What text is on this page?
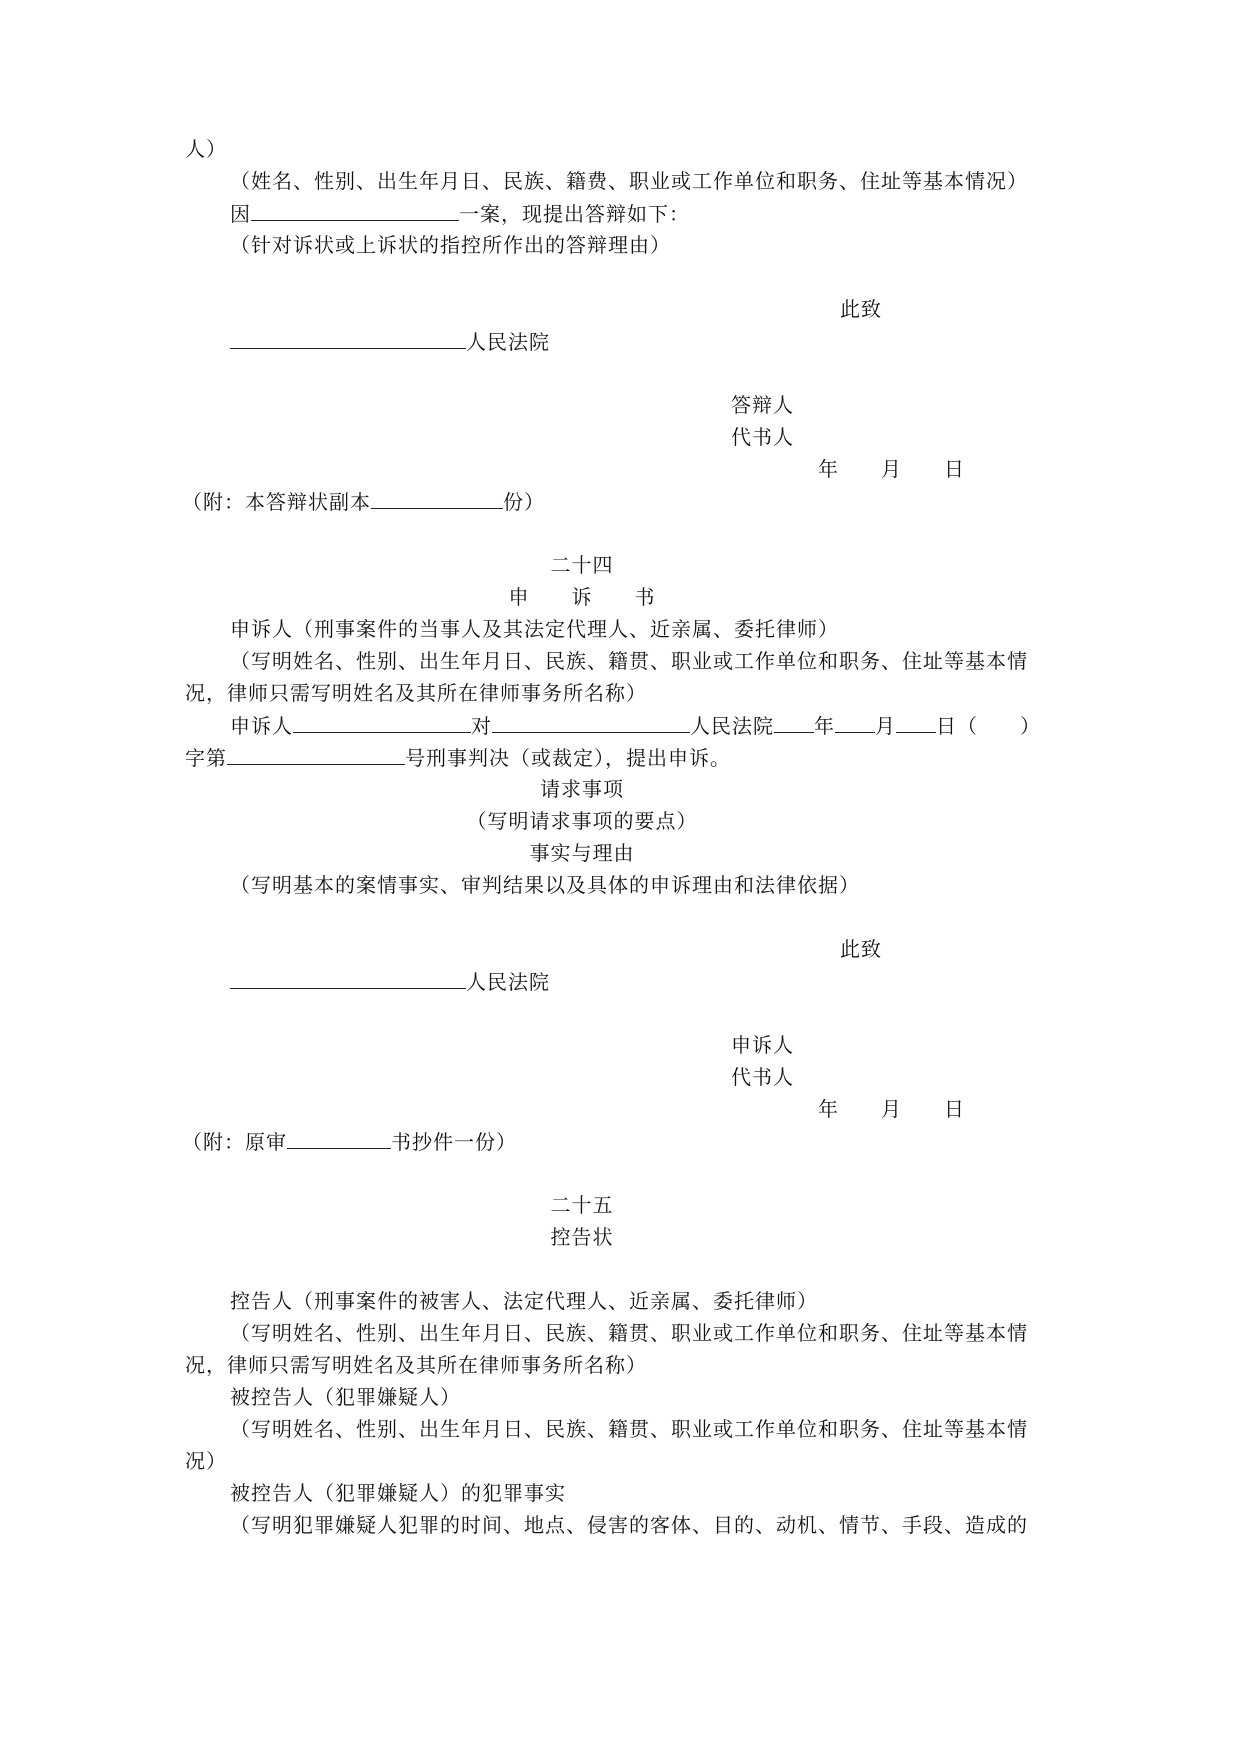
人）
（姓名、性别、出生年月日、民族、籍费、职业或工作单位和职务、住址等基本情况）
因	一案，现提出答辩如下：
（针对诉状或上诉状的指控所作出的答辩理由）
此致
人民法院
答辩人
代书人
年　　月　　日
（附：本答辩状副本	份）
二十四
申　　诉　　书
申诉人（刑事案件的当事人及其法定代理人、近亲属、委托律师）
（写明姓名、性别、出生年月日、民族、籍贯、职业或工作单位和职务、住址等基本情
况，律师只需写明姓名及其所在律师事务所名称）
申诉人	对	人民法院 年 月 日（　　）
字第	号刑事判决（或裁定），提出申诉。
请求事项
（写明请求事项的要点）
事实与理由
（写明基本的案情事实、审判结果以及具体的申诉理由和法律依据）
此致
人民法院
申诉人
代书人
年　　月　　日
（附：原审	书抄件一份）
二十五
控告状
控告人（刑事案件的被害人、法定代理人、近亲属、委托律师）
（写明姓名、性别、出生年月日、民族、籍贯、职业或工作单位和职务、住址等基本情
况，律师只需写明姓名及其所在律师事务所名称）
被控告人（犯罪嫌疑人）
（写明姓名、性别、出生年月日、民族、籍贯、职业或工作单位和职务、住址等基本情
况）
被控告人（犯罪嫌疑人）的犯罪事实
（写明犯罪嫌疑人犯罪的时间、地点、侵害的客体、目的、动机、情节、手段、造成的
